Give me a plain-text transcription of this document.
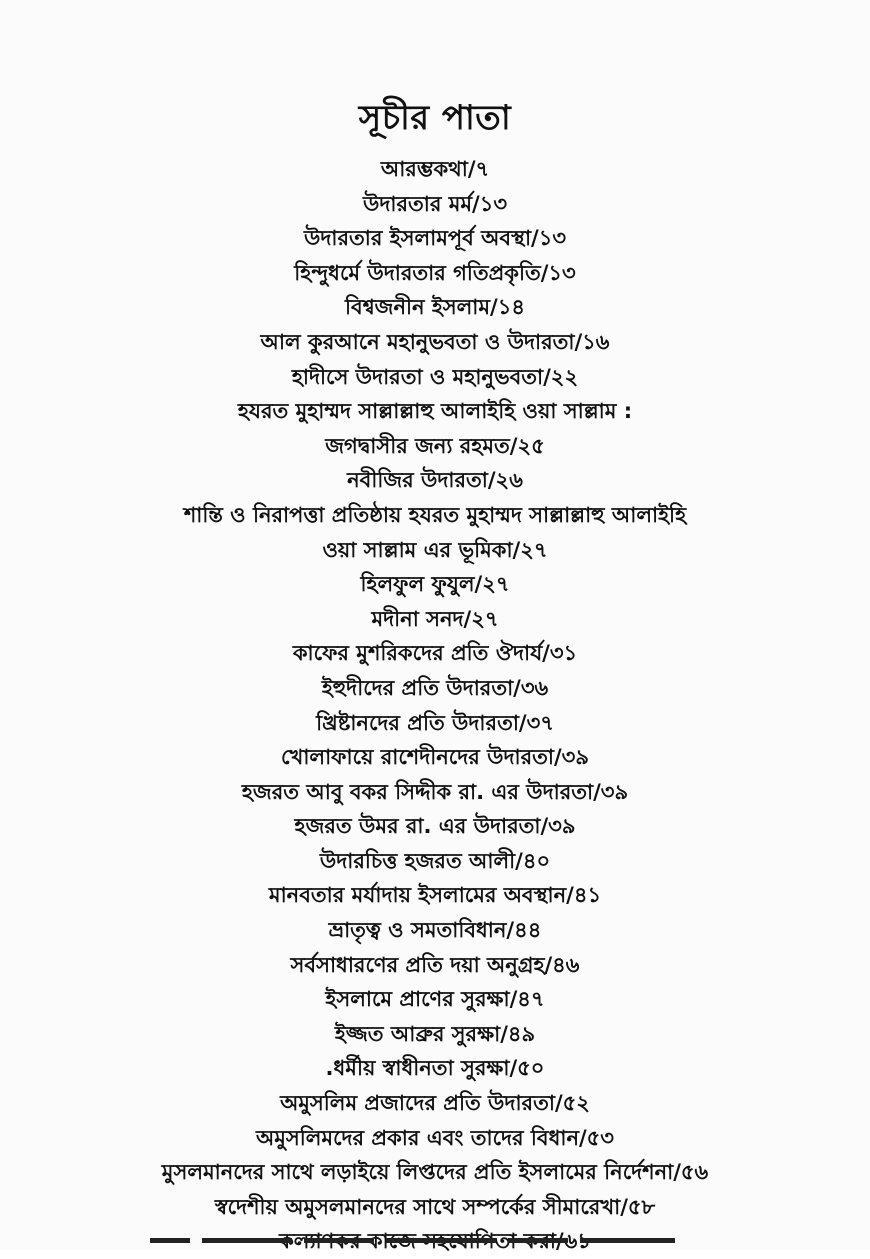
সূচীর পাতা
আরম্ভকথা/৭
উদারতার মর্ম/১৩
উদারতার ইসলামপূর্ব অবস্থা/১৩
হিন্দুধর্মে উদারতার গতিপ্রকৃতি/১৩
বিশ্বজনীন ইসলাম/১৪
আল কুরআনে মহানুভবতা ও উদারতা/১৬
হাদীসে উদারতা ও মহানুভবতা/২২
হযরত মুহাম্মদ সাল্লাল্লাহু আলাইহি ওয়া সাল্লাম :
জগদ্বাসীর জন্য রহমত/২৫
নবীজির উদারতা/২৬
শান্তি ও নিরাপত্তা প্রতিষ্ঠায় হযরত মুহাম্মদ সাল্লাল্লাহু আলাইহি
ওয়া সাল্লাম এর ভূমিকা/২৭
হিলফুল ফুযুল/২৭
মদীনা সনদ/২৭
কাফের মুশরিকদের প্রতি ঔদার্য/৩১
ইহুদীদের প্রতি উদারতা/৩৬
খ্রিষ্টানদের প্রতি উদারতা/৩৭
খোলাফায়ে রাশেদীনদের উদারতা/৩৯
হজরত আবু বকর সিদ্দীক রা. এর উদারতা/৩৯
হজরত উমর রা. এর উদারতা/৩৯
উদারচিত্ত হজরত আলী/৪০
মানবতার মর্যাদায় ইসলামের অবস্থান/৪১
ভ্রাতৃত্ব ও সমতাবিধান/৪৪
সর্বসাধারণের প্রতি দয়া অনুগ্রহ/৪৬
ইসলামে প্রাণের সুরক্ষা/৪৭
ইজ্জত আব্রুর সুরক্ষা/৪৯
.ধর্মীয় স্বাধীনতা সুরক্ষা/৫০
অমুসলিম প্রজাদের প্রতি উদারতা/৫২
অমুসলিমদের প্রকার এবং তাদের বিধান/৫৩
মুসলমানদের সাথে লড়াইয়ে লিপ্তদের প্রতি ইসলামের নির্দেশনা/৫৬
স্বদেশীয় অমুসলমানদের সাথে সম্পর্কের সীমারেখা/৫৮
